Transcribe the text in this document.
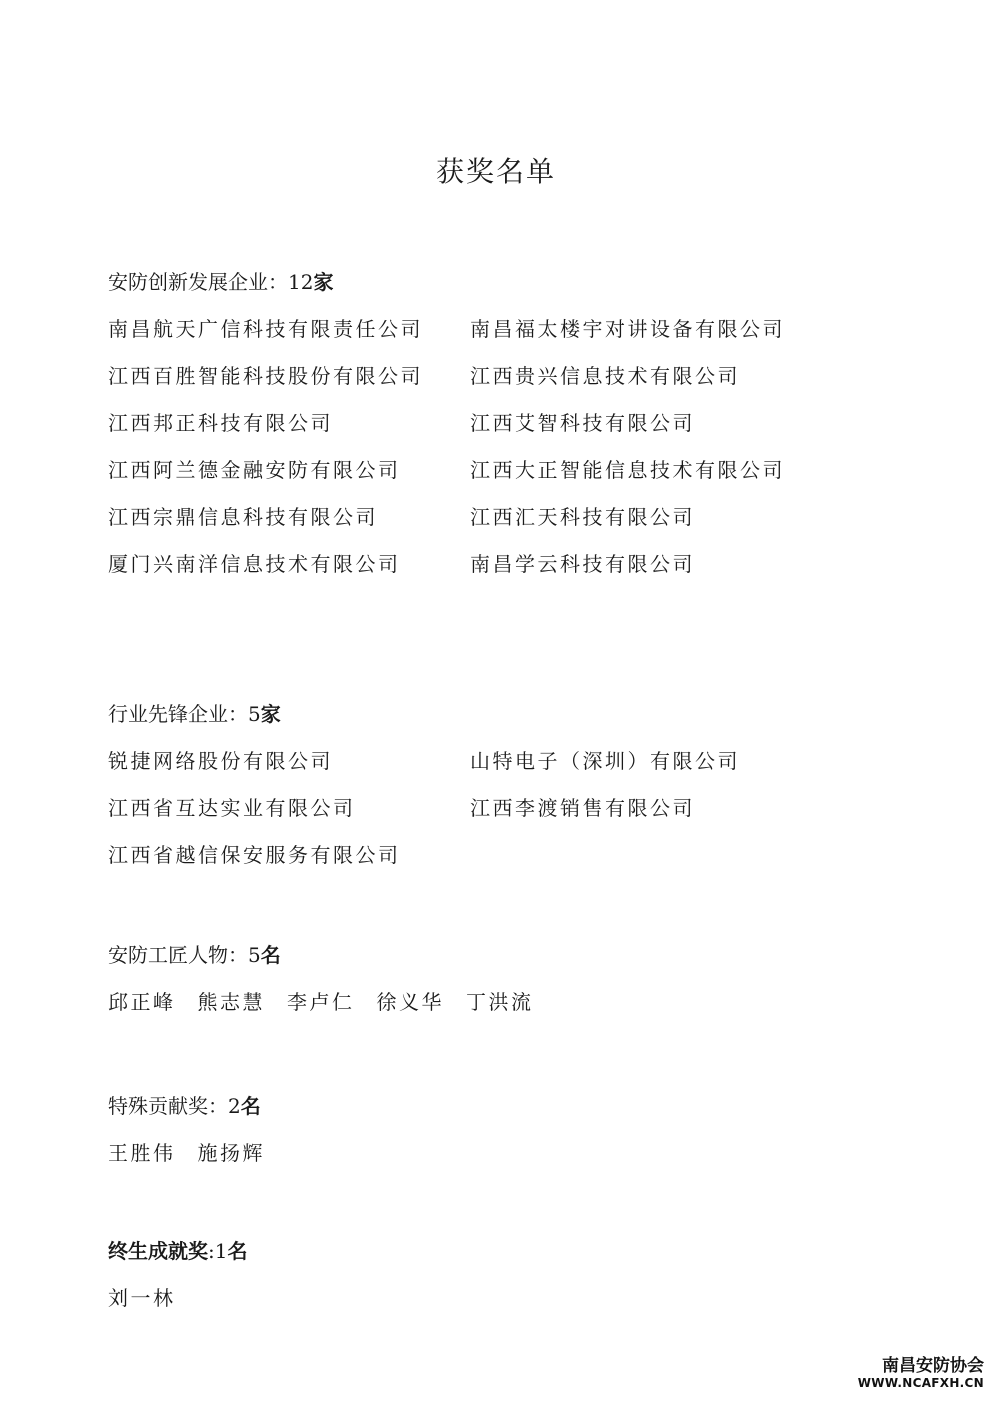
获奖名单
安防创新发展企业：12家
南昌航天广信科技有限责任公司	南昌福太楼宇对讲设备有限公司
江西百胜智能科技股份有限公司	江西贵兴信息技术有限公司
江西邦正科技有限公司	江西艾智科技有限公司
江西阿兰德金融安防有限公司	江西大正智能信息技术有限公司
江西宗鼎信息科技有限公司	江西汇天科技有限公司
厦门兴南洋信息技术有限公司	南昌学云科技有限公司
行业先锋企业：5家
锐捷网络股份有限公司	山特电子（深圳）有限公司
江西省互达实业有限公司	江西李渡销售有限公司
江西省越信保安服务有限公司
安防工匠人物：5名
邱正峰 熊志慧 李卢仁 徐义华 丁洪流
特殊贡献奖：2名
王胜伟 施扬辉
终生成就奖:1名
刘一林
南昌安防协会
WWW.NCAFXH.CN
